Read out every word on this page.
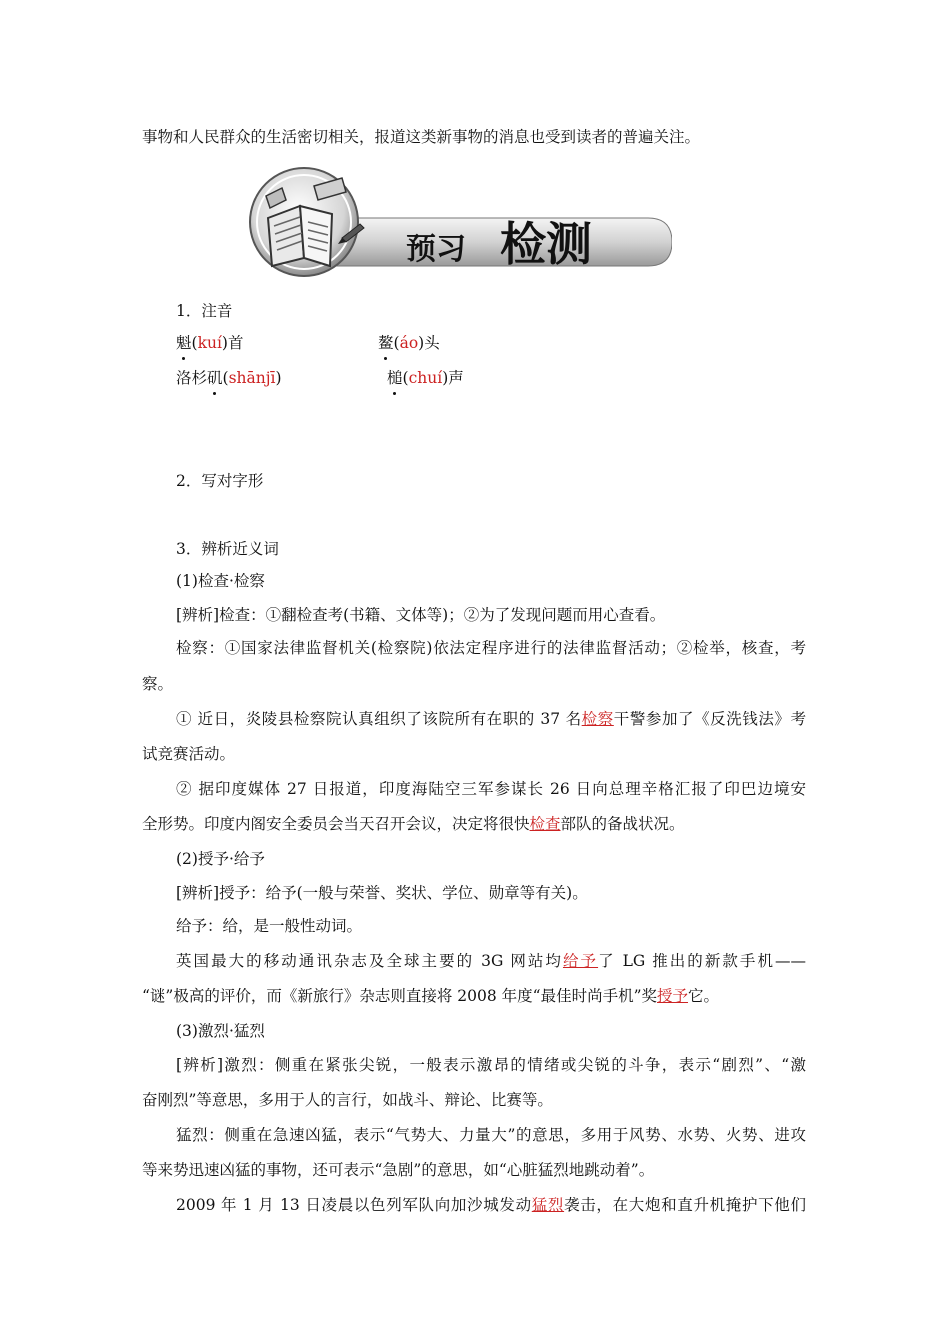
事物和人民群众的生活密切相关，报道这类新事物的消息也受到读者的普遍关注。
预习 检测
1．注音
魁(kuí)首	鳌(áo)头
洛杉矶(shānjī)	槌(chuí)声
2．写对字形
3．辨析近义词
(1)检查·检察
[辨析]检查：①翻检查考(书籍、文体等)；②为了发现问题而用心查看。
检察：①国家法律监督机关(检察院)依法定程序进行的法律监督活动；②检举，核查，考
察。
① 近日，炎陵县检察院认真组织了该院所有在职的 37 名检察干警参加了《反洗钱法》考
试竞赛活动。
② 据印度媒体 27 日报道，印度海陆空三军参谋长 26 日向总理辛格汇报了印巴边境安
全形势。印度内阁安全委员会当天召开会议，决定将很快检查部队的备战状况。
(2)授予·给予
[辨析]授予：给予(一般与荣誉、奖状、学位、勋章等有关)。
给予：给，是一般性动词。
英国最大的移动通讯杂志及全球主要的 3G 网站均给予了 LG 推出的新款手机——
“谜”极高的评价，而《新旅行》杂志则直接将 2008 年度“最佳时尚手机”奖授予它。
(3)激烈·猛烈
[辨析]激烈：侧重在紧张尖锐，一般表示激昂的情绪或尖锐的斗争，表示“剧烈”、“激
奋刚烈”等意思，多用于人的言行，如战斗、辩论、比赛等。
猛烈：侧重在急速凶猛，表示“气势大、力量大”的意思，多用于风势、水势、火势、进攻
等来势迅速凶猛的事物，还可表示“急剧”的意思，如“心脏猛烈地跳动着”。
2009 年 1 月 13 日凌晨以色列军队向加沙城发动猛烈袭击，在大炮和直升机掩护下他们
